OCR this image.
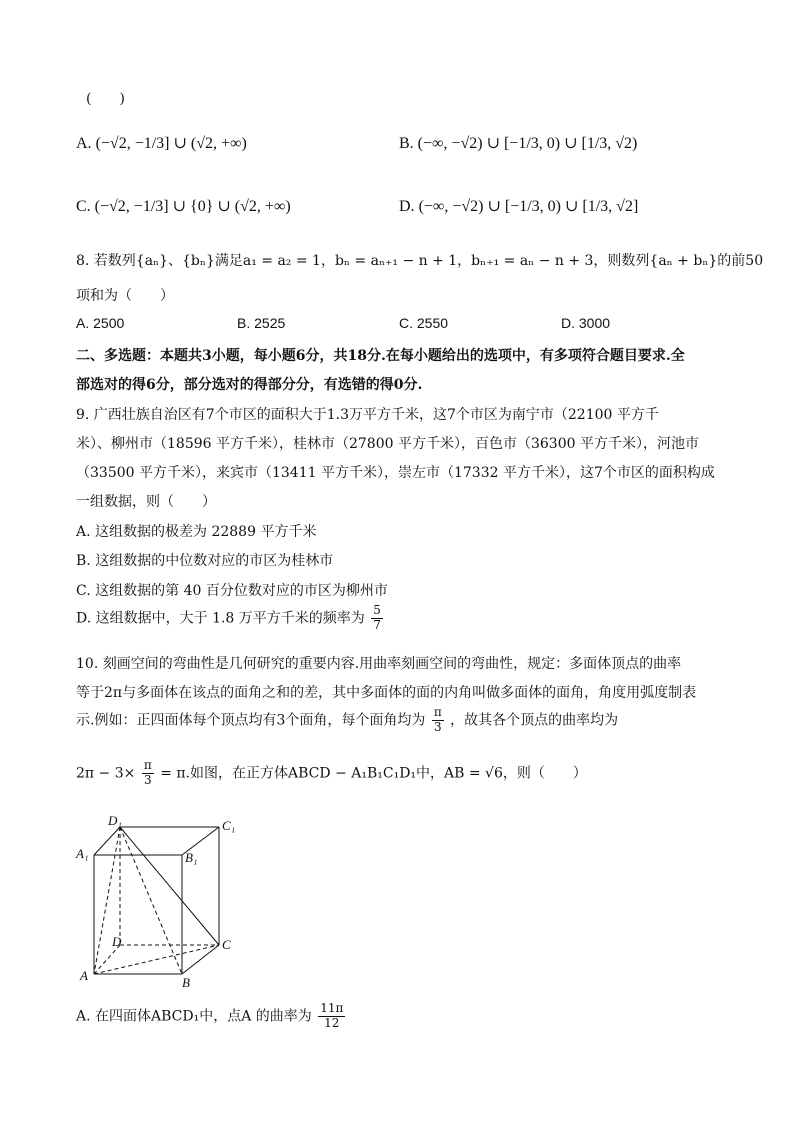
(　　)
A. (−√2, −1/3] ∪ (√2, +∞)	B. (−∞, −√2) ∪ [−1/3, 0) ∪ [1/3, √2)
C. (−√2, −1/3] ∪ {0} ∪ (√2, +∞)	D. (−∞, −√2) ∪ [−1/3, 0) ∪ [1/3, √2]
8. 若数列{aₙ}、{bₙ}满足a₁ = a₂ = 1，bₙ = aₙ₊₁ − n + 1，bₙ₊₁ = aₙ − n + 3，则数列{aₙ + bₙ}的前50
项和为（　　）
A. 2500	B. 2525	C. 2550	D. 3000
二、多选题：本题共3小题，每小题6分，共18分.在每小题给出的选项中，有多项符合题目要求.全
部选对的得6分，部分选对的得部分分，有选错的得0分.
9. 广西壮族自治区有7个市区的面积大于1.3万平方千米，这7个市区为南宁市（22100 平方千
米）、柳州市（18596 平方千米），桂林市（27800 平方千米），百色市（36300 平方千米），河池市
（33500 平方千米），来宾市（13411 平方千米），崇左市（17332 平方千米），这7个市区的面积构成
一组数据，则（　　）
A. 这组数据的极差为 22889 平方千米
B. 这组数据的中位数对应的市区为桂林市
C. 这组数据的第 40 百分位数对应的市区为柳州市
D. 这组数据中，大于 1.8 万平方千米的频率为 $\frac{5}{7}$
10. 刻画空间的弯曲性是几何研究的重要内容.用曲率刻画空间的弯曲性，规定：多面体顶点的曲率
等于2π与多面体在该点的面角之和的差，其中多面体的面的内角叫做多面体的面角，角度用弧度制表
示.例如：正四面体每个顶点均有3个面角，每个面角均为 $\frac{\pi}{3}$ ，故其各个顶点的曲率均为
$2\pi - 3\times \frac{\pi}{3} = \pi$.如图，在正方体ABCD − A₁B₁C₁D₁中，AB = √6，则（　　）
D₁	C₁
A₁	B₁
D	C
A	B
A. 在四面体ABCD₁中，点A 的曲率为 $\frac{11\pi}{12}$
